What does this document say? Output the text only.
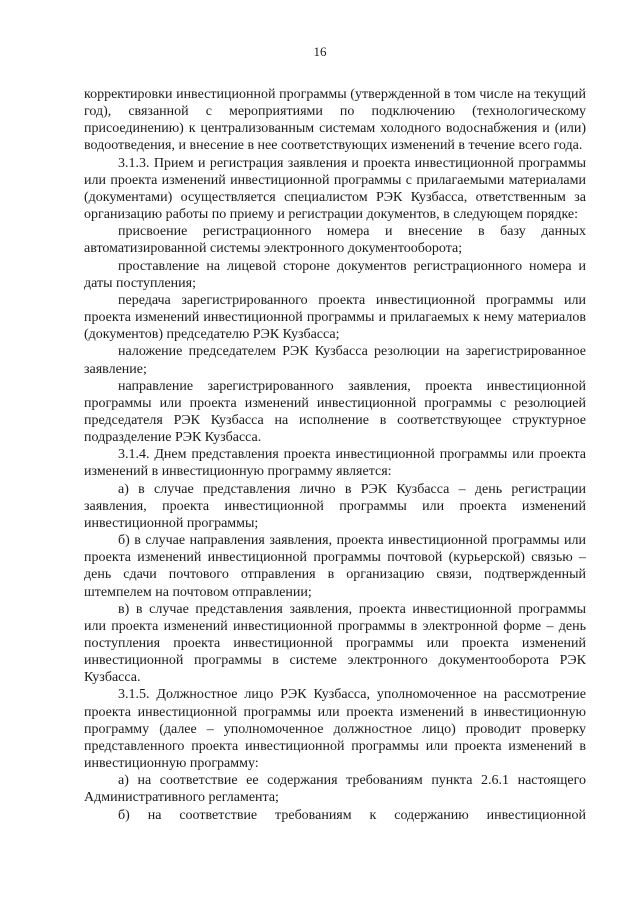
16

корректировки инвестиционной программы (утвержденной в том числе на текущий год), связанной с мероприятиями по подключению (технологическому присоединению) к централизованным системам холодного водоснабжения и (или) водоотведения, и внесение в нее соответствующих изменений в течение всего года.

3.1.3. Прием и регистрация заявления и проекта инвестиционной программы или проекта изменений инвестиционной программы с прилагаемыми материалами (документами) осуществляется специалистом РЭК Кузбасса, ответственным за организацию работы по приему и регистрации документов, в следующем порядке:

присвоение регистрационного номера и внесение в базу данных автоматизированной системы электронного документооборота;

проставление на лицевой стороне документов регистрационного номера и даты поступления;

передача зарегистрированного проекта инвестиционной программы или проекта изменений инвестиционной программы и прилагаемых к нему материалов (документов) председателю РЭК Кузбасса;

наложение председателем РЭК Кузбасса резолюции на зарегистрированное заявление;

направление зарегистрированного заявления, проекта инвестиционной программы или проекта изменений инвестиционной программы с резолюцией председателя РЭК Кузбасса на исполнение в соответствующее структурное подразделение РЭК Кузбасса.

3.1.4. Днем представления проекта инвестиционной программы или проекта изменений в инвестиционную программу является:

а) в случае представления лично в РЭК Кузбасса – день регистрации заявления, проекта инвестиционной программы или проекта изменений инвестиционной программы;

б) в случае направления заявления, проекта инвестиционной программы или проекта изменений инвестиционной программы почтовой (курьерской) связью – день сдачи почтового отправления в организацию связи, подтвержденный штемпелем на почтовом отправлении;

в) в случае представления заявления, проекта инвестиционной программы или проекта изменений инвестиционной программы в электронной форме – день поступления проекта инвестиционной программы или проекта изменений инвестиционной программы в системе электронного документооборота РЭК Кузбасса.

3.1.5. Должностное лицо РЭК Кузбасса, уполномоченное на рассмотрение проекта инвестиционной программы или проекта изменений в инвестиционную программу (далее – уполномоченное должностное лицо) проводит проверку представленного проекта инвестиционной программы или проекта изменений в инвестиционную программу:

а) на соответствие ее содержания требованиям пункта 2.6.1 настоящего Административного регламента;

б) на соответствие требованиям к содержанию инвестиционной
